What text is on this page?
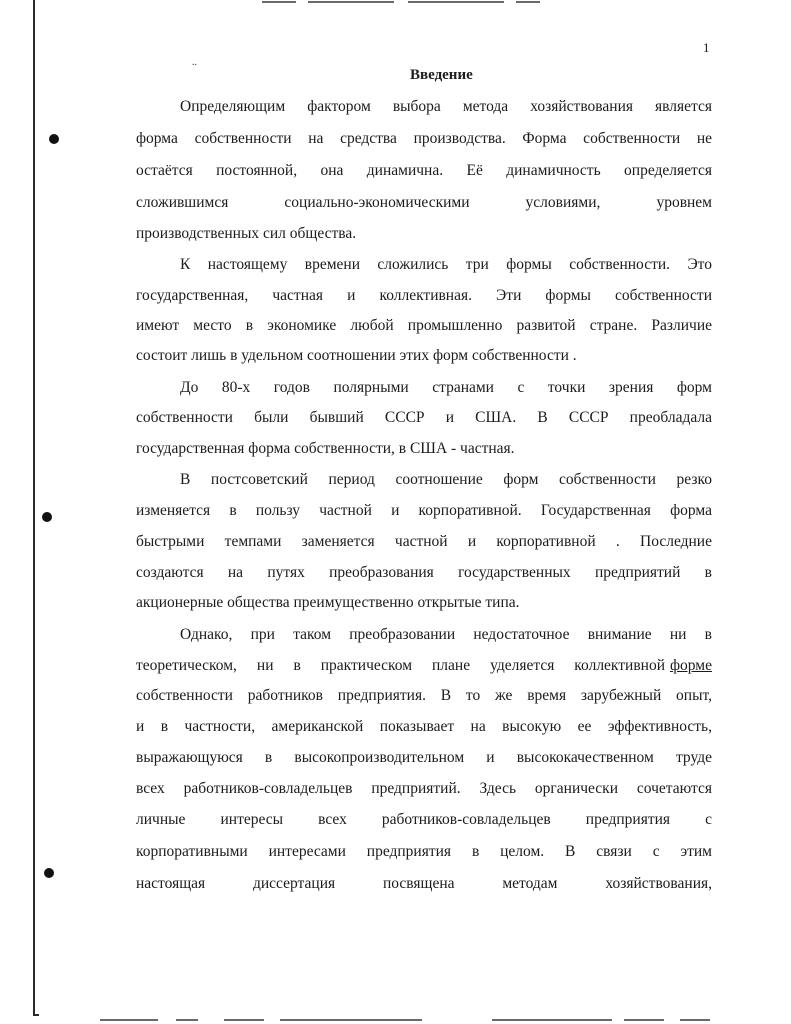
..
1
Введение
Определяющим фактором выбора метода хозяйствования является
форма собственности на средства производства. Форма собственности не
остаётся постоянной, она динамична. Её динамичность определяется
сложившимся социально-экономическими условиями, уровнем
производственных сил общества.
К настоящему времени сложились три формы собственности. Это
государственная, частная и коллективная. Эти формы собственности
имеют место в экономике любой промышленно развитой стране. Различие
состоит лишь в удельном соотношении этих форм собственности .
До 80-х годов полярными странами с точки зрения форм
собственности были бывший СССР и США. В СССР преобладала
государственная форма собственности, в США - частная.
В постсоветский период соотношение форм собственности резко
изменяется в пользу частной и корпоративной. Государственная форма
быстрыми темпами заменяется частной и корпоративной . Последние
создаются на путях преобразования государственных предприятий в
акционерные общества преимущественно открытые типа.
Однако, при таком преобразовании недостаточное внимание ни в
теоретическом, ни в практическом плане уделяется коллективной форме
собственности работников предприятия. В то же время зарубежный опыт,
и в частности, американской показывает на высокую ее эффективность,
выражающуюся в высокопроизводительном и высококачественном труде
всех работников-совладельцев предприятий. Здесь органически сочетаются
личные интересы всех работников-совладельцев предприятия с
корпоративными интересами предприятия в целом. В связи с этим
настоящая диссертация посвящена методам хозяйствования,
